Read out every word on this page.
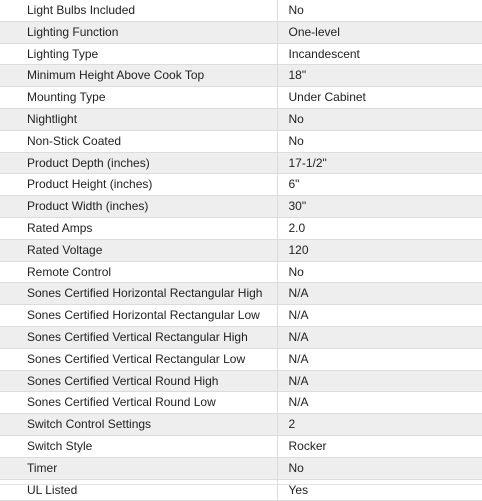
Light Bulbs Included	No
Lighting Function	One-level
Lighting Type	Incandescent
Minimum Height Above Cook Top	18"
Mounting Type	Under Cabinet
Nightlight	No
Non-Stick Coated	No
Product Depth (inches)	17-1/2"
Product Height (inches)	6"
Product Width (inches)	30"
Rated Amps	2.0
Rated Voltage	120
Remote Control	No
Sones Certified Horizontal Rectangular High	N/A
Sones Certified Horizontal Rectangular Low	N/A
Sones Certified Vertical Rectangular High	N/A
Sones Certified Vertical Rectangular Low	N/A
Sones Certified Vertical Round High	N/A
Sones Certified Vertical Round Low	N/A
Switch Control Settings	2
Switch Style	Rocker
Timer	No
UL Listed	Yes
